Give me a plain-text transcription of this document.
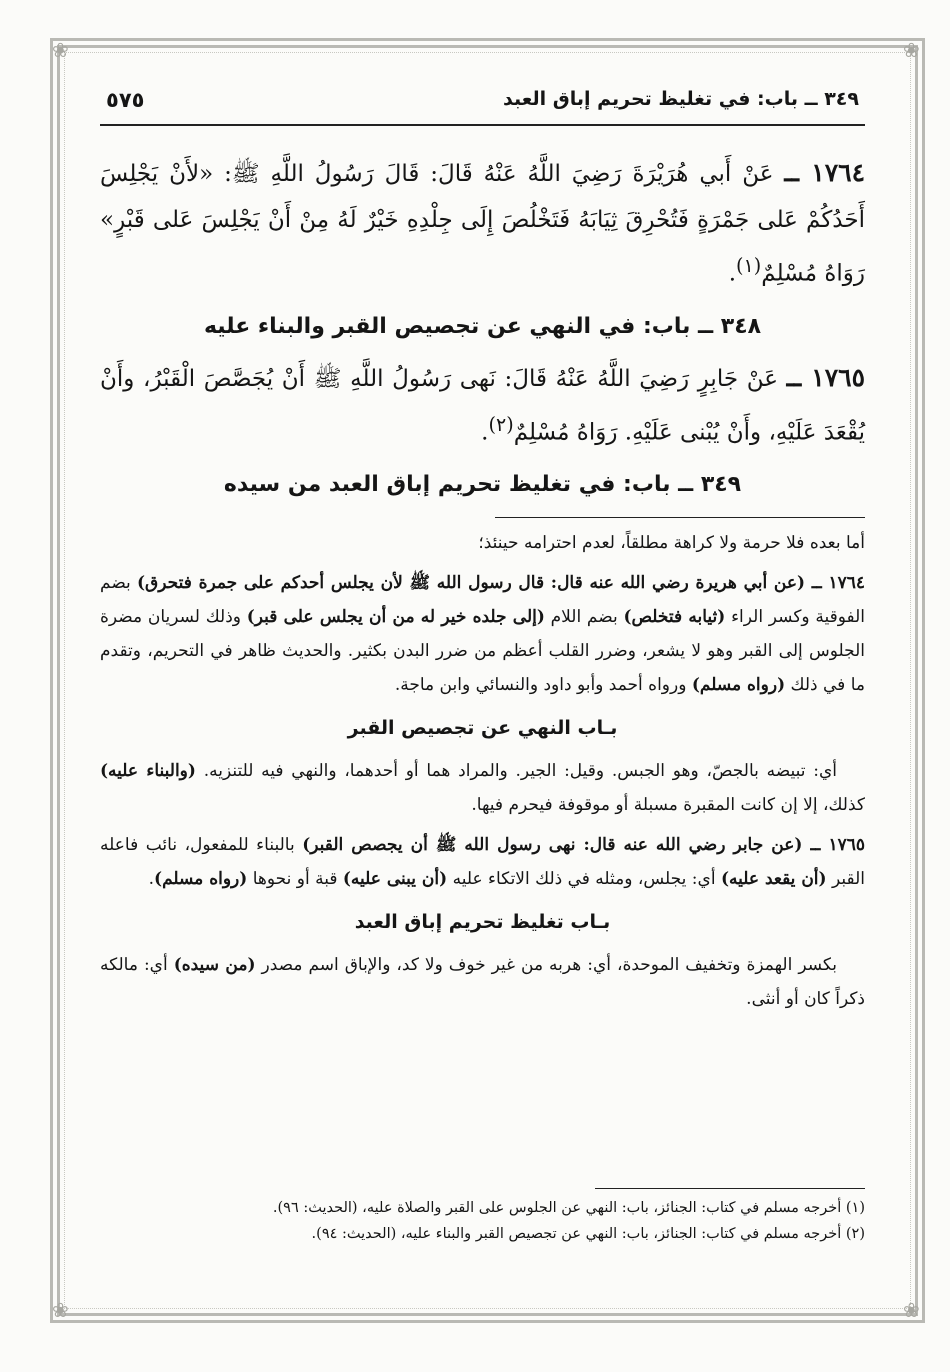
❀	❀
❀	❀
٣٤٩ ــ باب: في تغليظ تحريم إباق العبد
٥٧٥

١٧٦٤ ــ عَنْ أَبي هُرَيْرَةَ رَضِيَ اللَّهُ عَنْهُ قَالَ: قَالَ رَسُولُ اللَّهِ ﷺ: «لأَنْ يَجْلِسَ أَحَدُكُمْ عَلى جَمْرَةٍ فَتُحْرِقَ ثِيَابَهُ فَتَخْلُصَ إِلَى جِلْدِهِ خَيْرٌ لَهُ مِنْ أَنْ يَجْلِسَ عَلى قَبْرٍ» رَوَاهُ مُسْلِمٌ$^{(١)}$.

٣٤٨ ــ باب: في النهي عن تجصيص القبر والبناء عليه

١٧٦٥ ــ عَنْ جَابِرٍ رَضِيَ اللَّهُ عَنْهُ قَالَ: نَهى رَسُولُ اللَّهِ ﷺ أَنْ يُجَصَّصَ الْقَبْرُ، وأَنْ يُقْعَدَ عَلَيْهِ، وأَنْ يُبْنى عَلَيْهِ. رَوَاهُ مُسْلِمٌ$^{(٢)}$.

٣٤٩ ــ باب: في تغليظ تحريم إباق العبد من سيده

أما بعده فلا حرمة ولا كراهة مطلقاً، لعدم احترامه حينئذ؛

١٧٦٤ ــ (عن أبي هريرة رضي الله عنه قال: قال رسول الله ﷺ لأن يجلس أحدكم على جمرة فتحرق) بضم الفوقية وكسر الراء (ثيابه فتخلص) بضم اللام (إلى جلده خير له من أن يجلس على قبر) وذلك لسريان مضرة الجلوس إلى القبر وهو لا يشعر، وضرر القلب أعظم من ضرر البدن بكثير. والحديث ظاهر في التحريم، وتقدم ما في ذلك (رواه مسلم) ورواه أحمد وأبو داود والنسائي وابن ماجة.

بـاب النهي عن تجصيص القبر

أي: تبيضه بالجصّ، وهو الجبس. وقيل: الجير. والمراد هما أو أحدهما، والنهي فيه للتنزيه. (والبناء عليه) كذلك، إلا إن كانت المقبرة مسبلة أو موقوفة فيحرم فيها.

١٧٦٥ ــ (عن جابر رضي الله عنه قال: نهى رسول الله ﷺ أن يجصص القبر) بالبناء للمفعول، نائب فاعله القبر (أن يقعد عليه) أي: يجلس، ومثله في ذلك الاتكاء عليه (أن يبنى عليه) قبة أو نحوها (رواه مسلم).

بـاب تغليظ تحريم إباق العبد

بكسر الهمزة وتخفيف الموحدة، أي: هربه من غير خوف ولا كد، والإباق اسم مصدر (من سيده) أي: مالكه ذكراً كان أو أنثى.

(١) أخرجه مسلم في كتاب: الجنائز، باب: النهي عن الجلوس على القبر والصلاة عليه، (الحديث: ٩٦).

(٢) أخرجه مسلم في كتاب: الجنائز، باب: النهي عن تجصيص القبر والبناء عليه، (الحديث: ٩٤).
